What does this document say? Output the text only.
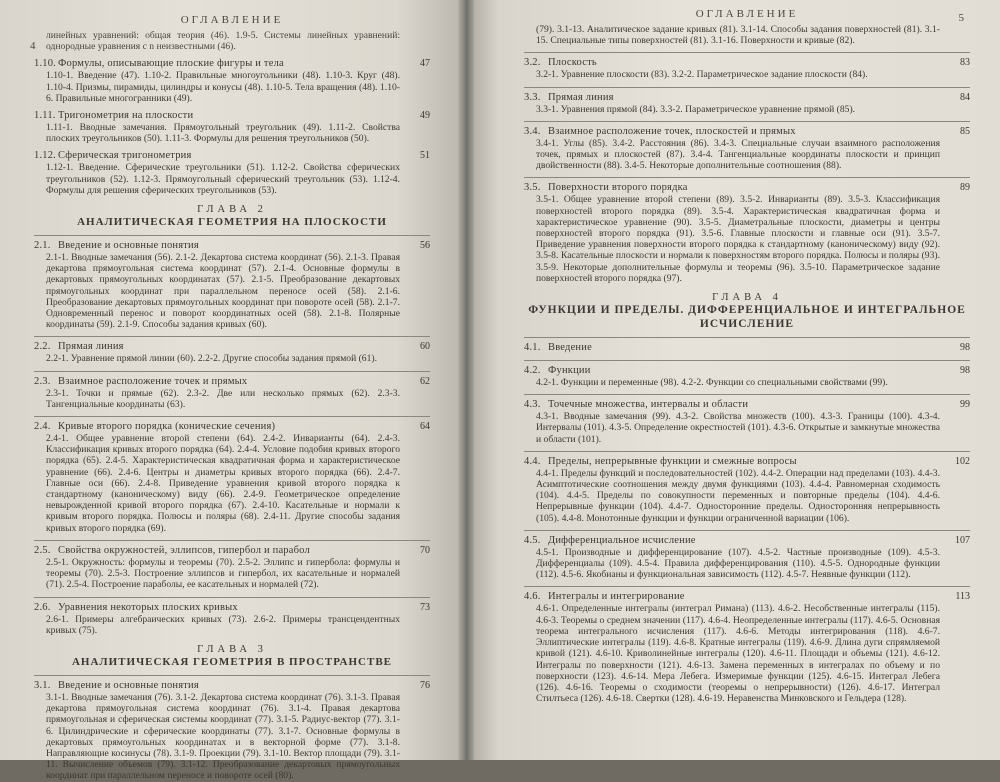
ОГЛАВЛЕНИЕ
4
линейных уравнений: общая теория (46). 1.9-5. Системы линейных уравнений: однородные уравнения с n неизвестными (46).
1.10. Формулы, описывающие плоские фигуры и тела	47
1.10-1. Введение (47). 1.10-2. Правильные многоугольники (48). 1.10-3. Круг (48). 1.10-4. Призмы, пирамиды, цилиндры и конусы (48). 1.10-5. Тела вращения (48). 1.10-6. Правильные многогранники (49).
1.11. Тригонометрия на плоскости	49
1.11-1. Вводные замечания. Прямоугольный треугольник (49). 1.11-2. Свойства плоских треугольников (50). 1.11-3. Формулы для решения треугольников (50).
1.12. Сферическая тригонометрия	51
1.12-1. Введение. Сферические треугольники (51). 1.12-2. Свойства сферических треугольников (52). 1.12-3. Прямоугольный сферический треугольник (53). 1.12-4. Формулы для решения сферических треугольников (53).
ГЛАВА 2
АНАЛИТИЧЕСКАЯ ГЕОМЕТРИЯ НА ПЛОСКОСТИ
2.1. Введение и основные понятия	56
2.1-1. Вводные замечания (56). 2.1-2. Декартова система координат (56). 2.1-3. Правая декартова прямоугольная система координат (57). 2.1-4. Основные формулы в декартовых прямоугольных координатах (57). 2.1-5. Преобразование декартовых прямоугольных координат при параллельном переносе осей (58). 2.1-6. Преобразование декартовых прямоугольных координат при повороте осей (58). 2.1-7. Одновременный перенос и поворот координатных осей (58). 2.1-8. Полярные координаты (59). 2.1-9. Способы задания кривых (60).
2.2. Прямая линия	60
2.2-1. Уравнение прямой линии (60). 2.2-2. Другие способы задания прямой (61).
2.3. Взаимное расположение точек и прямых	62
2.3-1. Точки и прямые (62). 2.3-2. Две или несколько прямых (62). 2.3-3. Тангенциальные координаты (63).
2.4. Кривые второго порядка (конические сечения)	64
2.4-1. Общее уравнение второй степени (64). 2.4-2. Инварианты (64). 2.4-3. Классификация кривых второго порядка (64). 2.4-4. Условие подобия кривых второго порядка (65). 2.4-5. Характеристическая квадратичная форма и характеристическое уравнение (66). 2.4-6. Центры и диаметры кривых второго порядка (66). 2.4-7. Главные оси (66). 2.4-8. Приведение уравнения кривой второго порядка к стандартному (каноническому) виду (66). 2.4-9. Геометрическое определение невырожденной кривой второго порядка (67). 2.4-10. Касательные и нормали к кривым второго порядка. Полюсы и поляры (68). 2.4-11. Другие способы задания кривых второго порядка (69).
2.5. Свойства окружностей, эллипсов, гипербол и парабол	70
2.5-1. Окружность: формулы и теоремы (70). 2.5-2. Эллипс и гипербола: формулы и теоремы (70). 2.5-3. Построение эллипсов и гипербол, их касательные и нормалей (71). 2.5-4. Построение параболы, ее касательных и нормалей (72).
2.6. Уравнения некоторых плоских кривых	73
2.6-1. Примеры алгебраических кривых (73). 2.6-2. Примеры трансцендентных кривых (75).
ГЛАВА 3
АНАЛИТИЧЕСКАЯ ГЕОМЕТРИЯ В ПРОСТРАНСТВЕ
3.1. Введение и основные понятия	76
3.1-1. Вводные замечания (76). 3.1-2. Декартова система координат (76). 3.1-3. Правая декартова прямоугольная система координат (76). 3.1-4. Правая декартова прямоугольная и сферическая системы координат (77). 3.1-5. Радиус-вектор (77). 3.1-6. Цилиндрические и сферические координаты (77). 3.1-7. Основные формулы в декартовых прямоугольных координатах и в векторной форме (77). 3.1-8. Направляющие косинусы (78). 3.1-9. Проекции (79). 3.1-10. Вектор площади (79). 3.1-11. Вычисление объемов (79). 3.1-12. Преобразование декартовых прямоугольных координат при параллельном переносе и повороте осей (80).
ОГЛАВЛЕНИЕ	5
(79). 3.1-13. Аналитическое задание кривых (81). 3.1-14. Способы задания поверхностей (81). 3.1-15. Специальные типы поверхностей (81). 3.1-16. Поверхности и кривые (82).
3.2. Плоскость	83
3.2-1. Уравнение плоскости (83). 3.2-2. Параметрическое задание плоскости (84).
3.3. Прямая линия	84
3.3-1. Уравнения прямой (84). 3.3-2. Параметрическое уравнение прямой (85).
3.4. Взаимное расположение точек, плоскостей и прямых	85
3.4-1. Углы (85). 3.4-2. Расстояния (86). 3.4-3. Специальные случаи взаимного расположения точек, прямых и плоскостей (87). 3.4-4. Тангенциальные координаты плоскости и принцип двойственности (88). 3.4-5. Некоторые дополнительные соотношения (88).
3.5. Поверхности второго порядка	89
3.5-1. Общее уравнение второй степени (89). 3.5-2. Инварианты (89). 3.5-3. Классификация поверхностей второго порядка (89). 3.5-4. Характеристическая квадратичная форма и характеристическое уравнение (90). 3.5-5. Диаметральные плоскости, диаметры и центры поверхностей второго порядка (91). 3.5-6. Главные плоскости и главные оси (91). 3.5-7. Приведение уравнения поверхности второго порядка к стандартному (каноническому) виду (92). 3.5-8. Касательные плоскости и нормали к поверхностям второго порядка. Полюсы и поляры (93). 3.5-9. Некоторые дополнительные формулы и теоремы (96). 3.5-10. Параметрическое задание поверхностей второго порядка (97).
ГЛАВА 4
ФУНКЦИИ И ПРЕДЕЛЫ. ДИФФЕРЕНЦИАЛЬНОЕ И ИНТЕГРАЛЬНОЕ ИСЧИСЛЕНИЕ
4.1. Введение	98
4.2. Функции	98
4.2-1. Функции и переменные (98). 4.2-2. Функции со специальными свойствами (99).
4.3. Точечные множества, интервалы и области	99
4.3-1. Вводные замечания (99). 4.3-2. Свойства множеств (100). 4.3-3. Границы (100). 4.3-4. Интервалы (101). 4.3-5. Определение окрестностей (101). 4.3-6. Открытые и замкнутые множества и области (101).
4.4. Пределы, непрерывные функции и смежные вопросы	102
4.4-1. Пределы функций и последовательностей (102). 4.4-2. Операции над пределами (103). 4.4-3. Асимптотические соотношения между двумя функциями (103). 4.4-4. Равномерная сходимость (104). 4.4-5. Пределы по совокупности переменных и повторные пределы (104). 4.4-6. Непрерывные функции (104). 4.4-7. Односторонние пределы. Односторонняя непрерывность (105). 4.4-8. Монотонные функции и функции ограниченной вариации (106).
4.5. Дифференциальное исчисление	107
4.5-1. Производные и дифференцирование (107). 4.5-2. Частные производные (109). 4.5-3. Дифференциалы (109). 4.5-4. Правила дифференцирования (110). 4.5-5. Однородные функции (112). 4.5-6. Якобианы и функциональная зависимость (112). 4.5-7. Неявные функции (112).
4.6. Интегралы и интегрирование	113
4.6-1. Определенные интегралы (интеграл Римана) (113). 4.6-2. Несобственные интегралы (115). 4.6-3. Теоремы о среднем значении (117). 4.6-4. Неопределенные интегралы (117). 4.6-5. Основная теорема интегрального исчисления (117). 4.6-6. Методы интегрирования (118). 4.6-7. Эллиптические интегралы (119). 4.6-8. Кратные интегралы (119). 4.6-9. Длина дуги спрямляемой кривой (121). 4.6-10. Криволинейные интегралы (120). 4.6-11. Площади и объемы (121). 4.6-12. Интегралы по поверхности (121). 4.6-13. Замена переменных в интегралах по объему и по поверхности (123). 4.6-14. Мера Лебега. Измеримые функции (125). 4.6-15. Интеграл Лебега (126). 4.6-16. Теоремы о сходимости (теоремы о непрерывности) (126). 4.6-17. Интеграл Стилтьеса (126). 4.6-18. Свертки (128). 4.6-19. Неравенства Минковского и Гельдера (128).
